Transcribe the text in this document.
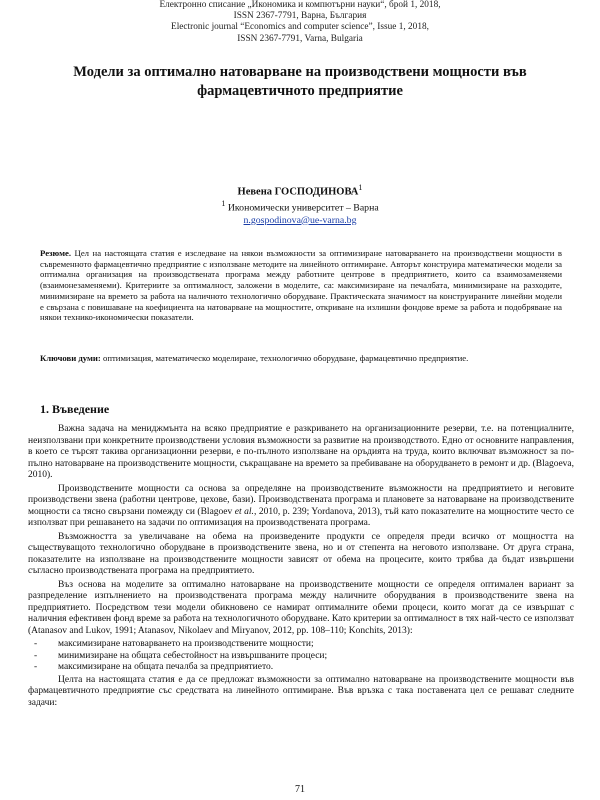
Електронно списание „Икономика и компютърни науки“, брой 1, 2018,
ISSN 2367-7791, Варна, България
Electronic journal “Economics and computer science”, Issue 1, 2018,
ISSN 2367-7791, Varna, Bulgaria
Модели за оптимално натоварване на производствени мощности във фармацевтичното предприятие
Невена ГОСПОДИНОВА$^1$
$^1$ Икономически университет – Варна
n.gospodinova@ue-varna.bg

Резюме. Цел на настоящата статия е изследване на някои възможности за оптимизиране натоварването на производствени мощности в съвременното фармацевтично предприятие с използване методите на линейното оптимиране. Авторът конструира математически модели за оптимална организация на производствената програма между работните центрове в предприятието, които са взаимозаменяеми (взаимонезаменяеми). Критериите за оптималност, заложени в моделите, са: максимизиране на печалбата, минимизиране на разходите, минимизиране на времето за работа на наличното технологично оборудване. Практическата значимост на конструираните линейни модели е свързана с повишаване на коефициента на натоварване на мощностите, откриване на излишни фондове време за работа и подобряване на някои технико-икономически показатели.

Ключови думи: оптимизация, математическо моделиране, технологично оборудване, фармацевтично предприятие.

1. Въведение

Важна задача на мениджмънта на всяко предприятие е разкриването на организационните резерви, т.е. на потенциалните, неизползвани при конкретните производствени условия възможности за развитие на производството. Едно от основните направления, в което се търсят такива организационни резерви, е по-пълното използване на оръдията на труда, които включват възможност за по-пълно натоварване на производствените мощности, съкращаване на времето за пребиваване на оборудването в ремонт и др. (Blagoeva, 2010).

Производствените мощности са основа за определяне на производствените възможности на предприятието и неговите производствени звена (работни центрове, цехове, бази). Производствената програма и плановете за натоварване на производствените мощности са тясно свързани помежду си (Blagoev et al., 2010, p. 239; Yordanova, 2013), тъй като показателите на мощностите често се използват при решаването на задачи по оптимизация на производствената програма.

Възможността за увеличаване на обема на произведените продукти се определя преди всичко от мощността на съществуващото технологично оборудване в производствените звена, но и от степента на неговото използване. От друга страна, показателите на използване на производствените мощности зависят от обема на процесите, които трябва да бъдат извършени съгласно производствената програма на предприятието.

Въз основа на моделите за оптимално натоварване на производствените мощности се определя оптимален вариант за разпределение изпълнението на производствената програма между наличните оборудвания в производствените звена на предприятието. Посредством тези модели обикновено се намират оптималните обеми процеси, които могат да се извършат с наличния ефективен фонд време за работа на технологичното оборудване. Като критерии за оптималност в тях най-често се използват (Atanasov and Lukov, 1991; Atanasov, Nikolaev and Miryanov, 2012, pp. 108–110; Konchits, 2013):

- максимизиране натоварването на производствените мощности;
- минимизиране на общата себестойност на извършваните процеси;
- максимизиране на общата печалба за предприятието.

Целта на настоящата статия е да се предложат възможности за оптимално натоварване на производствените мощности във фармацевтичното предприятие със средствата на линейното оптимиране. Във връзка с така поставената цел се решават следните задачи:

71
